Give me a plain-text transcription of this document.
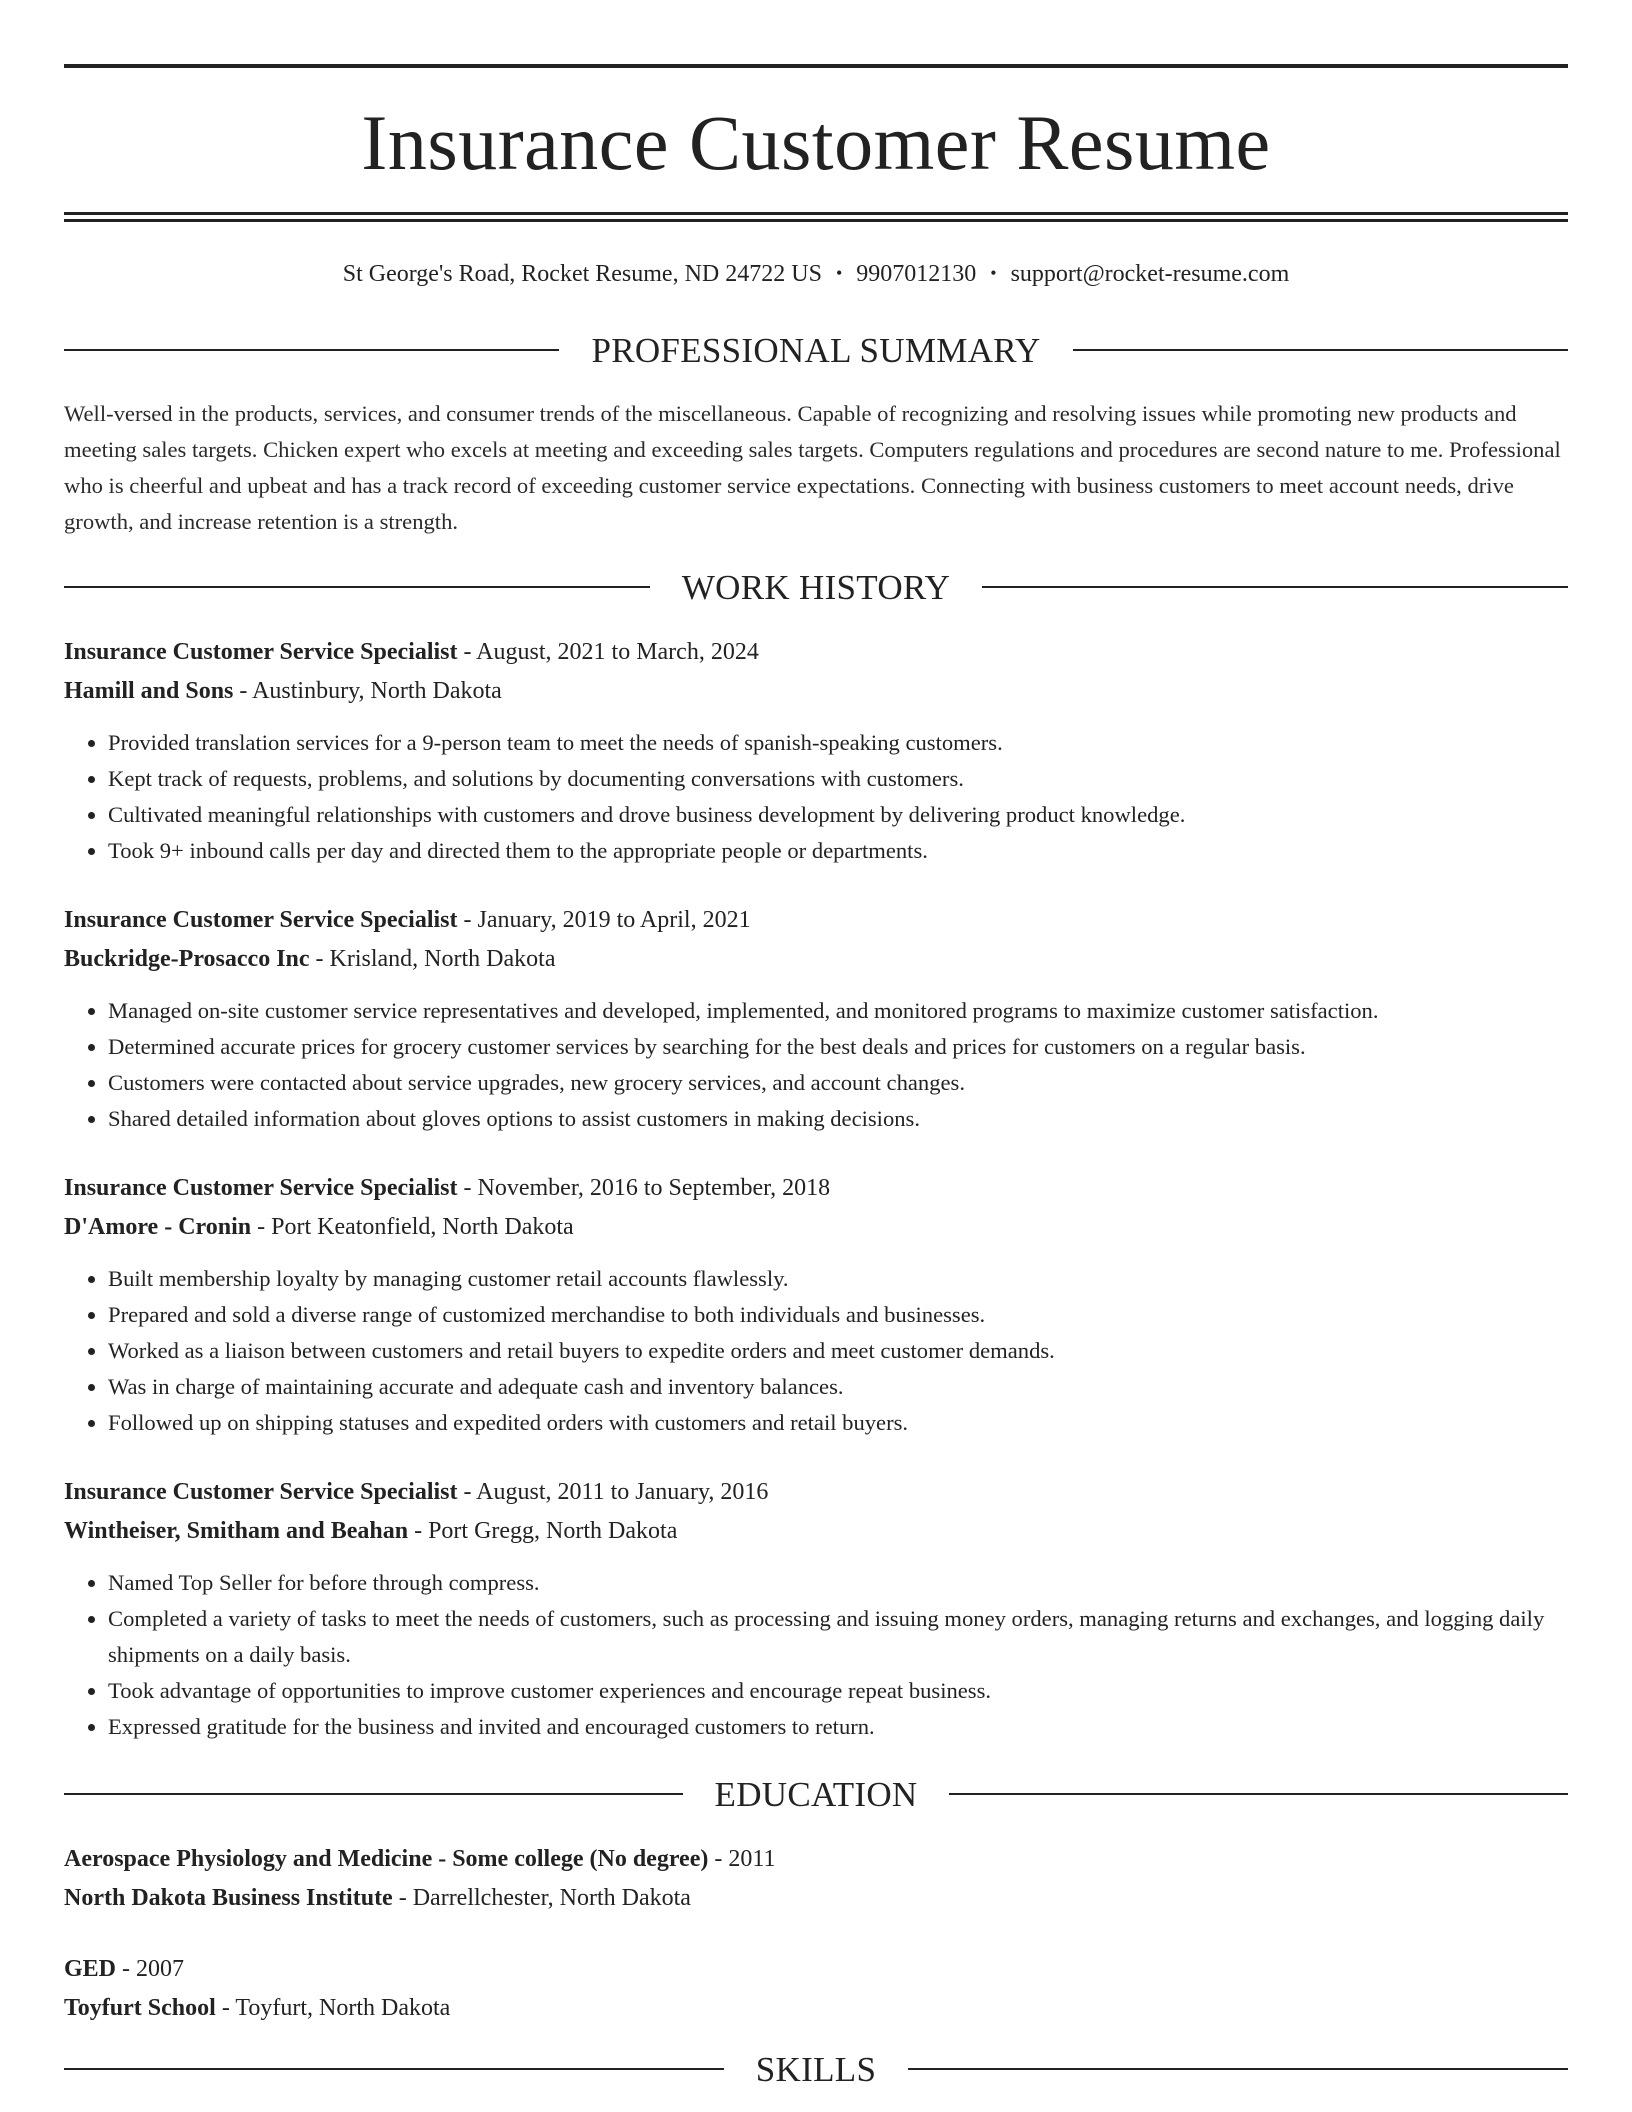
Insurance Customer Resume
St George's Road, Rocket Resume, ND 24722 US • 9907012130 • support@rocket-resume.com
PROFESSIONAL SUMMARY

Well-versed in the products, services, and consumer trends of the miscellaneous. Capable of recognizing and resolving issues while promoting new products and meeting sales targets. Chicken expert who excels at meeting and exceeding sales targets. Computers regulations and procedures are second nature to me. Professional who is cheerful and upbeat and has a track record of exceeding customer service expectations. Connecting with business customers to meet account needs, drive growth, and increase retention is a strength.

WORK HISTORY
Insurance Customer Service Specialist - August, 2021 to March, 2024
Hamill and Sons - Austinbury, North Dakota
• Provided translation services for a 9-person team to meet the needs of spanish-speaking customers.
• Kept track of requests, problems, and solutions by documenting conversations with customers.
• Cultivated meaningful relationships with customers and drove business development by delivering product knowledge.
• Took 9+ inbound calls per day and directed them to the appropriate people or departments.
Insurance Customer Service Specialist - January, 2019 to April, 2021
Buckridge-Prosacco Inc - Krisland, North Dakota
• Managed on-site customer service representatives and developed, implemented, and monitored programs to maximize customer satisfaction.
• Determined accurate prices for grocery customer services by searching for the best deals and prices for customers on a regular basis.
• Customers were contacted about service upgrades, new grocery services, and account changes.
• Shared detailed information about gloves options to assist customers in making decisions.
Insurance Customer Service Specialist - November, 2016 to September, 2018
D'Amore - Cronin - Port Keatonfield, North Dakota
• Built membership loyalty by managing customer retail accounts flawlessly.
• Prepared and sold a diverse range of customized merchandise to both individuals and businesses.
• Worked as a liaison between customers and retail buyers to expedite orders and meet customer demands.
• Was in charge of maintaining accurate and adequate cash and inventory balances.
• Followed up on shipping statuses and expedited orders with customers and retail buyers.
Insurance Customer Service Specialist - August, 2011 to January, 2016
Wintheiser, Smitham and Beahan - Port Gregg, North Dakota
• Named Top Seller for before through compress.
• Completed a variety of tasks to meet the needs of customers, such as processing and issuing money orders, managing returns and exchanges, and logging daily shipments on a daily basis.
• Took advantage of opportunities to improve customer experiences and encourage repeat business.
• Expressed gratitude for the business and invited and encouraged customers to return.
EDUCATION
Aerospace Physiology and Medicine - Some college (No degree) - 2011
North Dakota Business Institute - Darrellchester, North Dakota
GED - 2007
Toyfurt School - Toyfurt, North Dakota
SKILLS
